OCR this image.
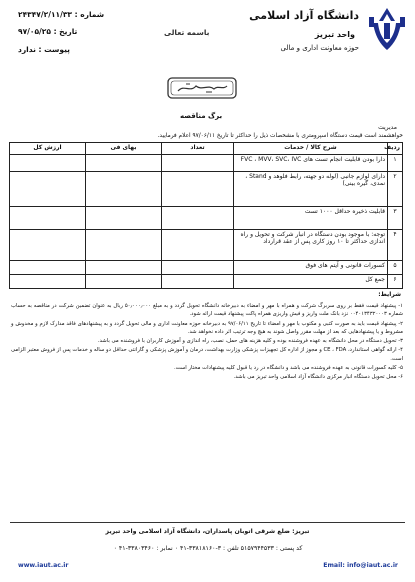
دانشگاه آزاد اسلامی
واحد تبریز
حوزه معاونت اداری و مالی
باسمه تعالی
شماره : ۲۴۳۴۷/۲/۱۱/۳۳
تاریخ : ۹۷/۰۵/۲۵
پیوست : ندارد
برگ مناقصه
مدیریت
خواهشمند است قیمت دستگاه اسپرومتری با مشخصات ذیل را حداکثر تا تاریخ ۹۷/۰۶/۱۱ اعلام فرمایید.
ردیف	شرح کالا / خدمات	تعداد	بهای فی	ارزش کل
۱	دارا بودن قابلیت انجام تست های FVC ، MVV، SVC، IVC			
۲	دارای لوازم جانبی (لوله دو جهته، رابط فلوهد و Stand ، نمدی، گیره بینی)			
۳	قابلیت ذخیره حداقل ۱۰۰۰ تست			
۴	توجه: با موجود بودن دستگاه در انبار شرکت و تحویل و راه اندازی حداکثر تا ۱۰ روز کاری پس از عقد قرارداد			
۵	کسورات قانونی و آیتم های فوق			
۶	جمع کل			
شرایط:

۱- پیشنهاد قیمت فقط بر روی سربرگ شرکت و همراه با مهر و امضاء به دبیرخانه دانشگاه تحویل گردد و به مبلغ ۵۰٫۰۰۰٫۰۰۰ ریال به عنوان تضمین شرکت در مناقصه به حساب شماره ۰۰۴۰۱۳۴۳۲۰۰۰۳ نزد بانک ملت واریز و فیش واریزی همراه پاکت پیشنهاد قیمت ارائه شود.

۲- پیشنهاد قیمت باید به صورت کتبی و مکتوب با مهر و امضاء تا تاریخ ۹۷/۰۶/۱۱ به دبیرخانه حوزه معاونت اداری و مالی تحویل گردد و به پیشنهادهای فاقد مدارک لازم و مخدوش و مشروط و یا پیشنهادهایی که بعد از مهلت مقرر واصل شوند به هیچ وجه ترتیب اثر داده نخواهد شد.

۳- تحویل دستگاه در محل دانشگاه به عهده فروشنده بوده و کلیه هزینه های حمل، نصب، راه اندازی و آموزش کاربران با فروشنده می باشد.

۴- ارائه گواهی استاندارد، CE ، FDA و مجوز از اداره کل تجهیزات پزشکی وزارت بهداشت، درمان و آموزش پزشکی و گارانتی حداقل دو ساله و خدمات پس از فروش معتبر الزامی است.

۵- کلیه کسورات قانونی به عهده فروشنده می باشد و دانشگاه در رد یا قبول کلیه پیشنهادات مختار است.

۶- محل تحویل دستگاه انبار مرکزی دانشگاه آزاد اسلامی واحد تبریز می باشد.

تبریز: ضلع شرقی اتوبان پاسداران، دانشگاه آزاد اسلامی واحد تبریز
کد پستی : ۵۱۵۷۹۴۴۵۳۳ تلفن : ۳-۳۳۸۱۸۱۶۰-۴۱ ۰ نمابر : ۳۳۸۰۳۴۶۰-۴۱ ۰
www.iaut.ac.ir	Email: info@iaut.ac.ir
